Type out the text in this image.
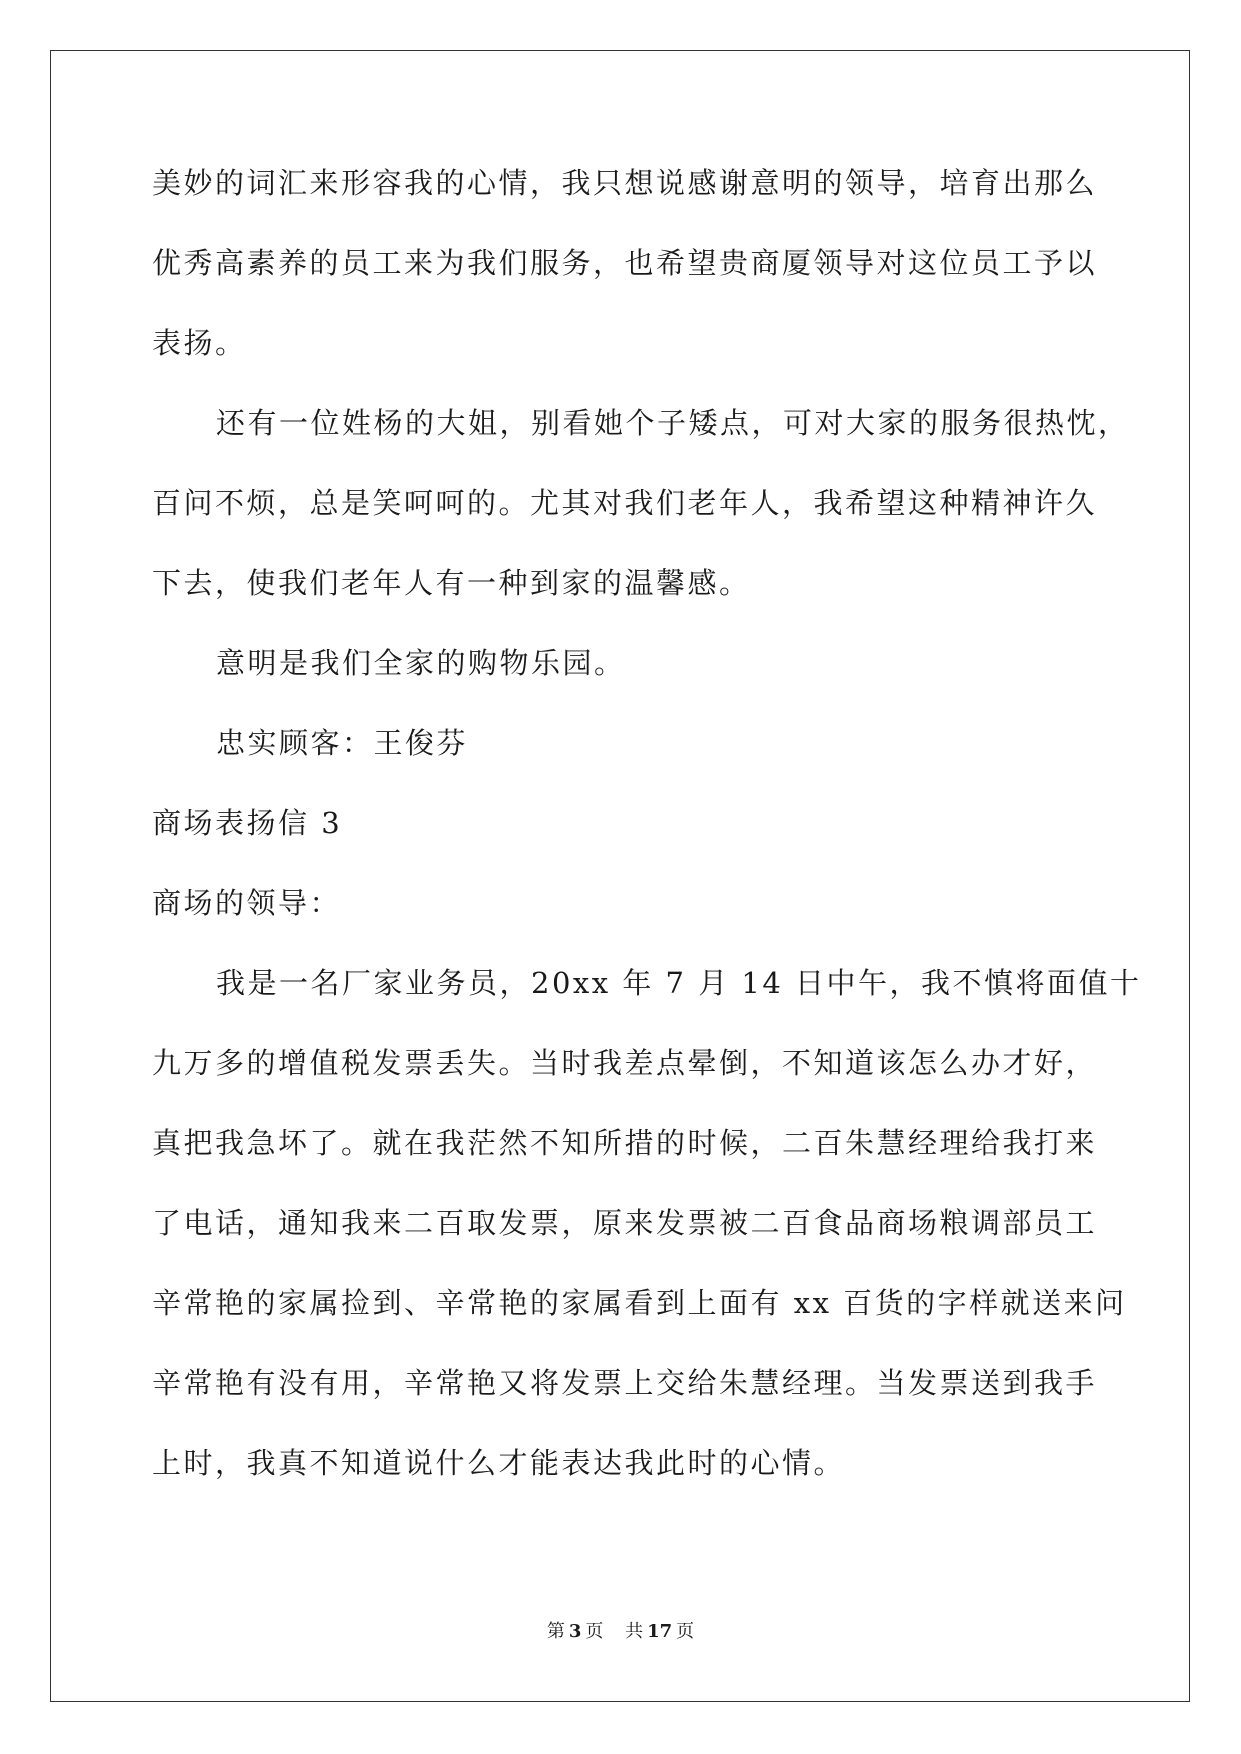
美妙的词汇来形容我的心情，我只想说感谢意明的领导，培育出那么
优秀高素养的员工来为我们服务，也希望贵商厦领导对这位员工予以
表扬。
还有一位姓杨的大姐，别看她个子矮点，可对大家的服务很热忱，
百问不烦，总是笑呵呵的。尤其对我们老年人，我希望这种精神许久
下去，使我们老年人有一种到家的温馨感。
意明是我们全家的购物乐园。
忠实顾客：王俊芬
商场表扬信 3
商场的领导：
我是一名厂家业务员，20xx 年 7 月 14 日中午，我不慎将面值十
九万多的增值税发票丢失。当时我差点晕倒，不知道该怎么办才好，
真把我急坏了。就在我茫然不知所措的时候，二百朱慧经理给我打来
了电话，通知我来二百取发票，原来发票被二百食品商场粮调部员工
辛常艳的家属捡到、辛常艳的家属看到上面有 xx 百货的字样就送来问
辛常艳有没有用，辛常艳又将发票上交给朱慧经理。当发票送到我手
上时，我真不知道说什么才能表达我此时的心情。
第 3 页 共 17 页
